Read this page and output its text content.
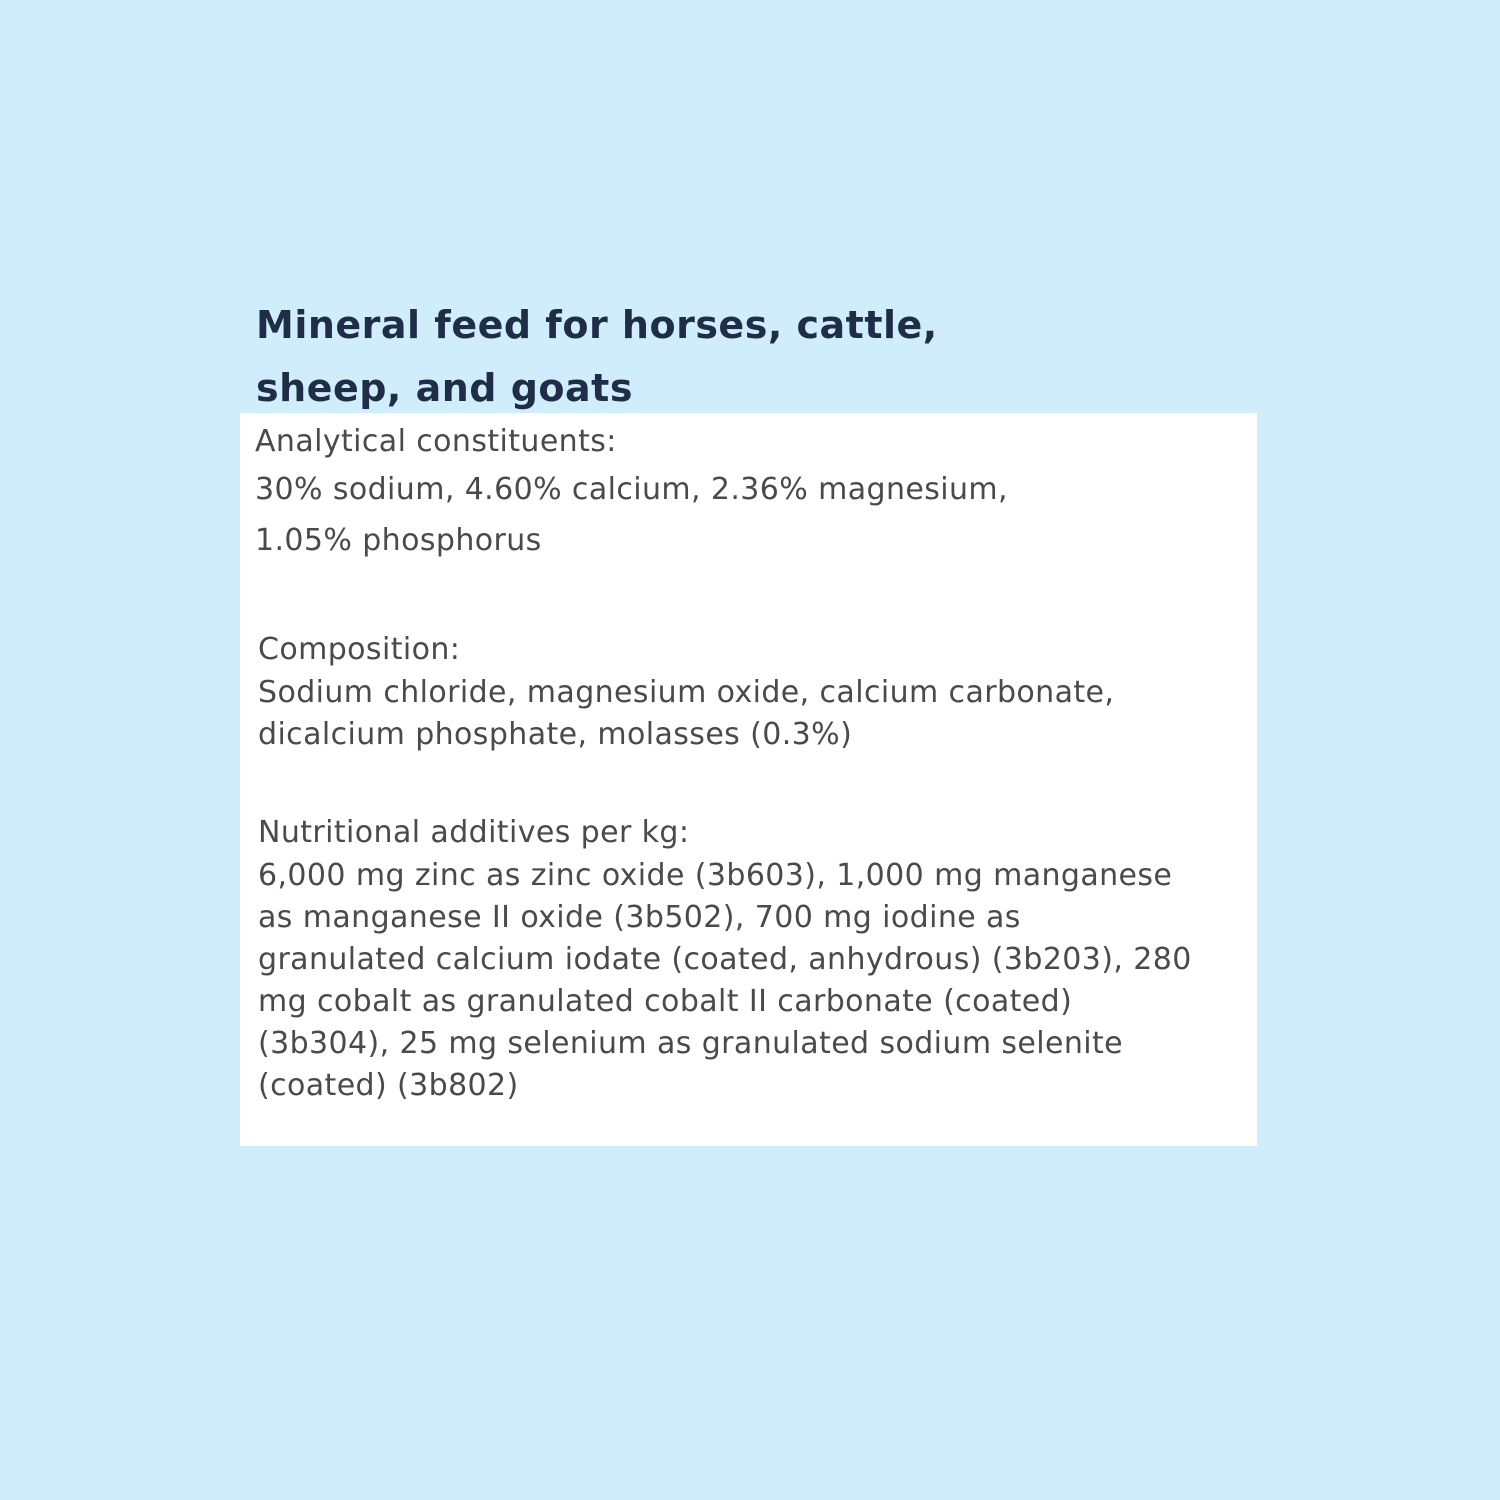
Mineral feed for horses, cattle,
sheep, and goats

Analytical constituents:

30% sodium, 4.60% calcium, 2.36% magnesium,

1.05% phosphorus

Composition:

Sodium chloride, magnesium oxide, calcium carbonate,

dicalcium phosphate, molasses (0.3%)

Nutritional additives per kg:

6,000 mg zinc as zinc oxide (3b603), 1,000 mg manganese

as manganese II oxide (3b502), 700 mg iodine as

granulated calcium iodate (coated, anhydrous) (3b203), 280

mg cobalt as granulated cobalt II carbonate (coated)

(3b304), 25 mg selenium as granulated sodium selenite

(coated) (3b802)
